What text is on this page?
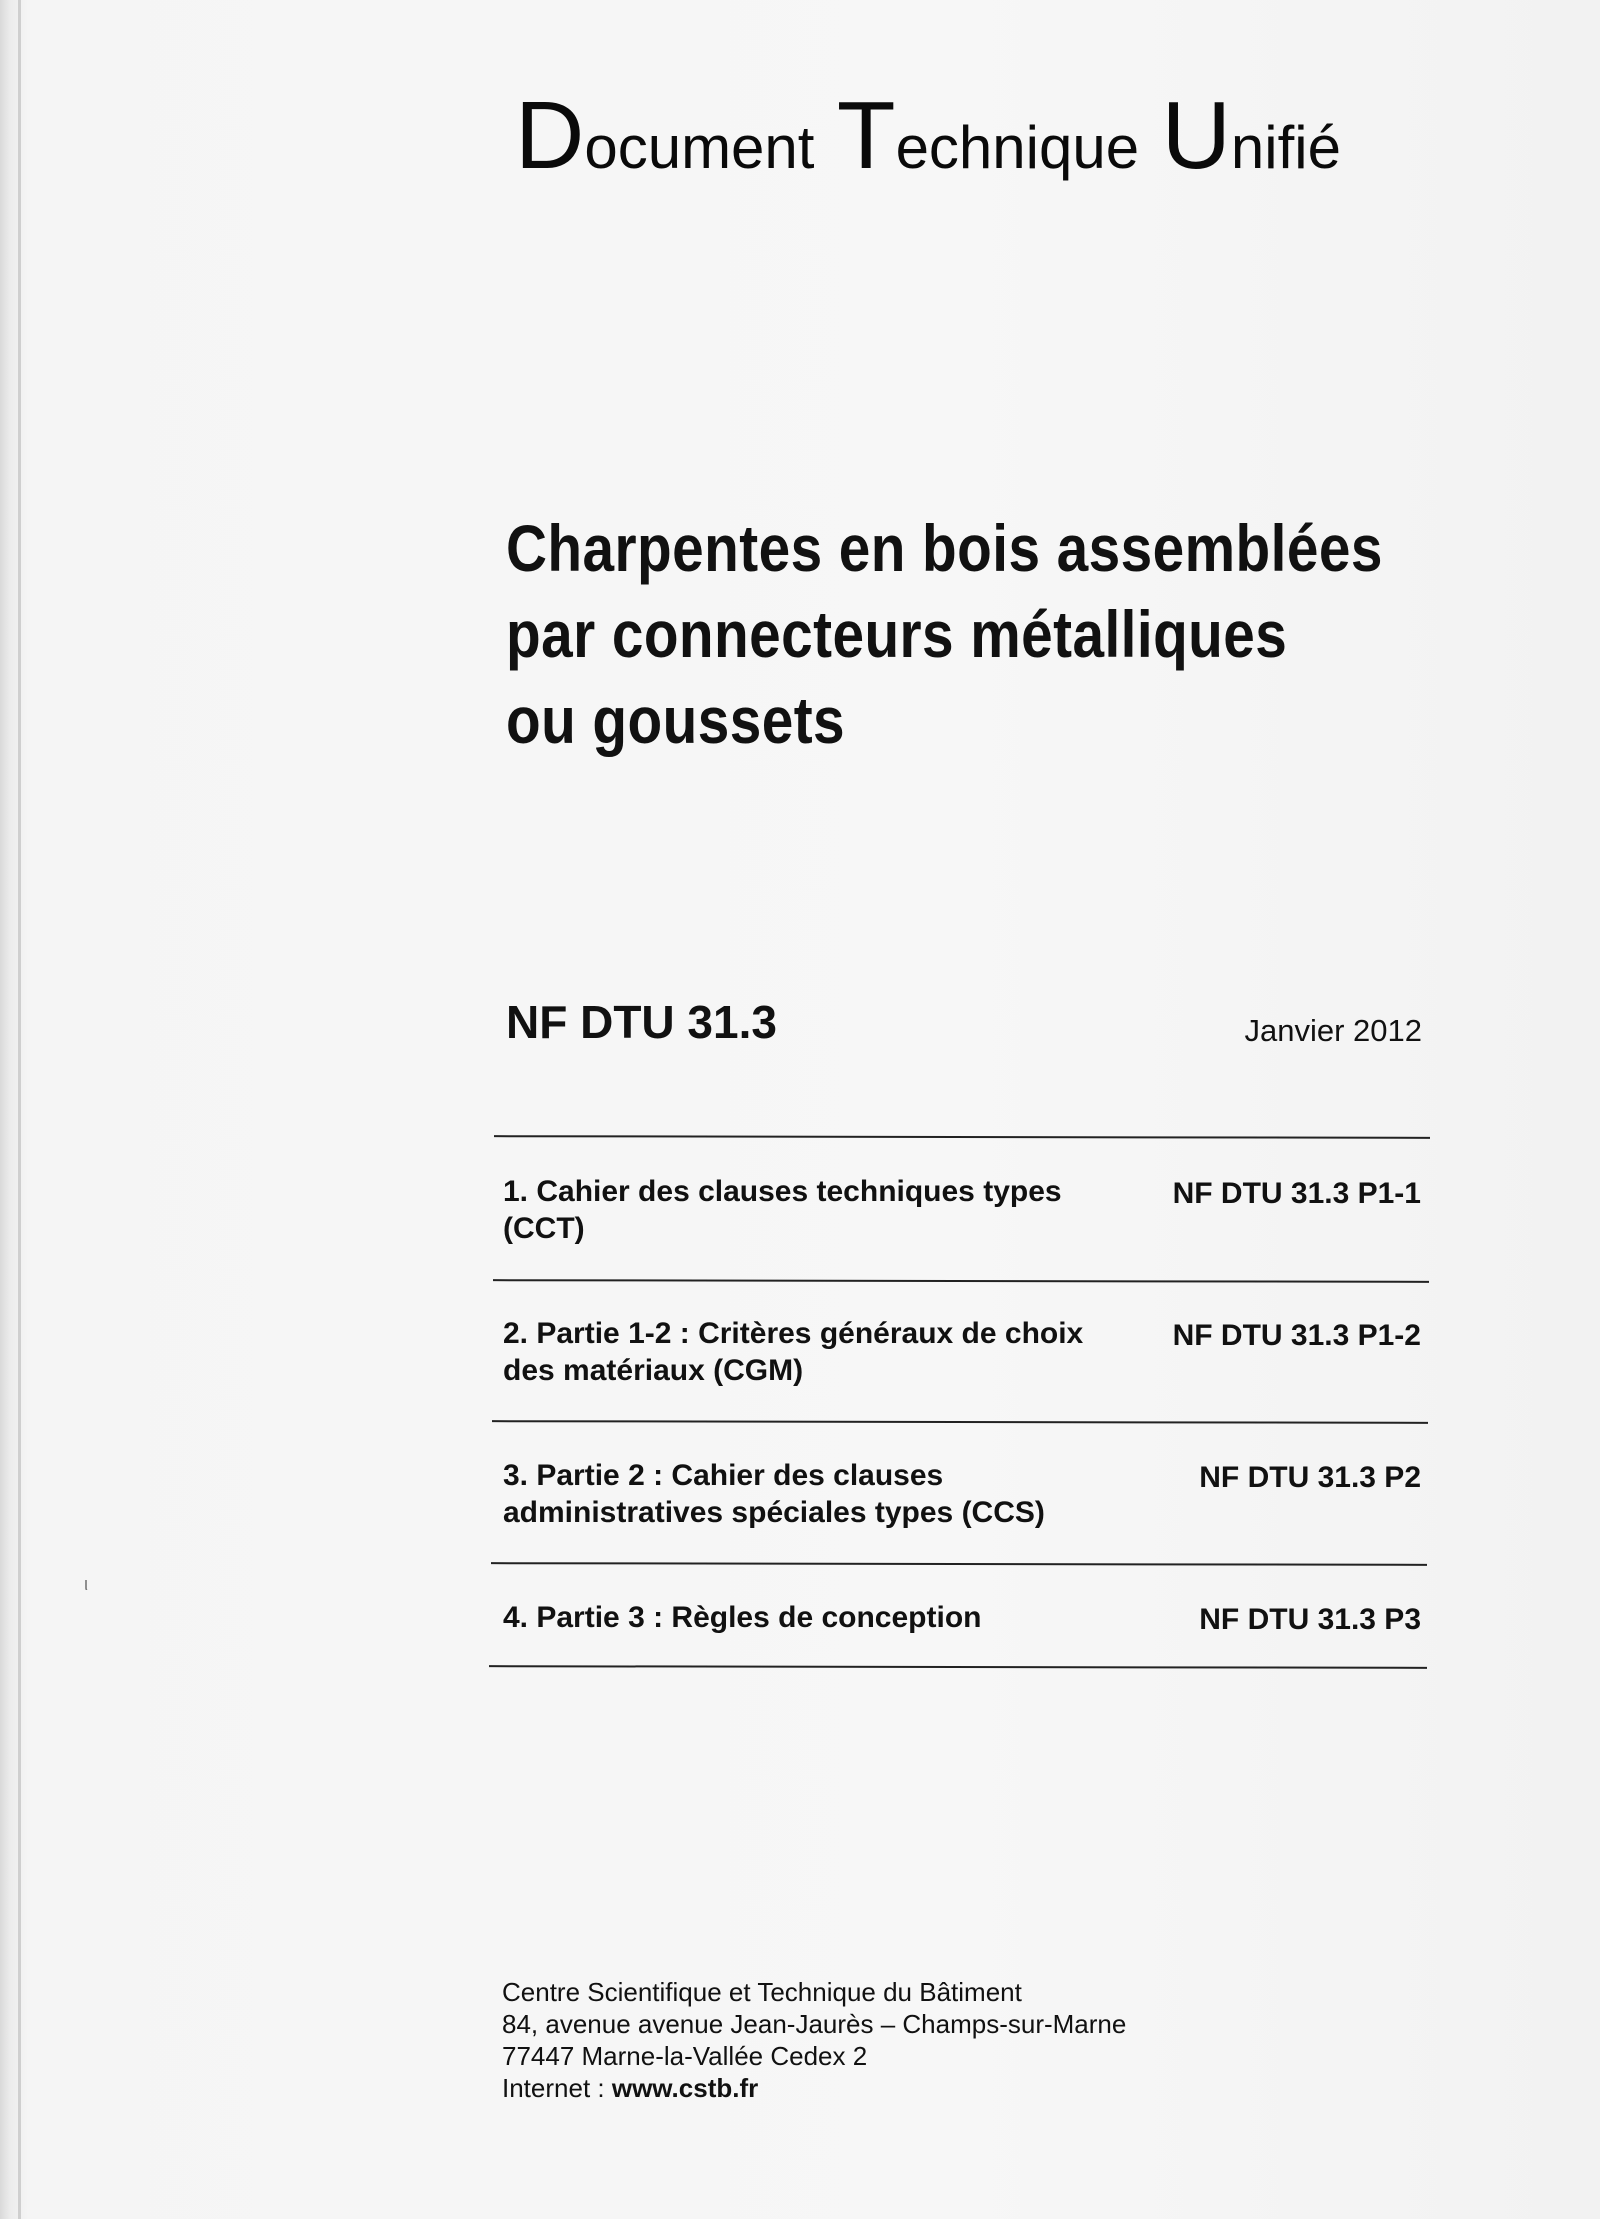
Document Technique Unifié
Charpentes en bois assemblées
par connecteurs métalliques
ou goussets
NF DTU 31.3	Janvier 2012
1. Cahier des clauses techniques types (CCT)
NF DTU 31.3 P1-1
2. Partie 1-2 : Critères généraux de choix des matériaux (CGM)
NF DTU 31.3 P1-2
3. Partie 2 : Cahier des clauses administratives spéciales types (CCS)
NF DTU 31.3 P2
4. Partie 3 : Règles de conception	NF DTU 31.3 P3
Centre Scientifique et Technique du Bâtiment
84, avenue avenue Jean-Jaurès – Champs-sur-Marne
77447 Marne-la-Vallée Cedex 2
Internet : www.cstb.fr
ι
